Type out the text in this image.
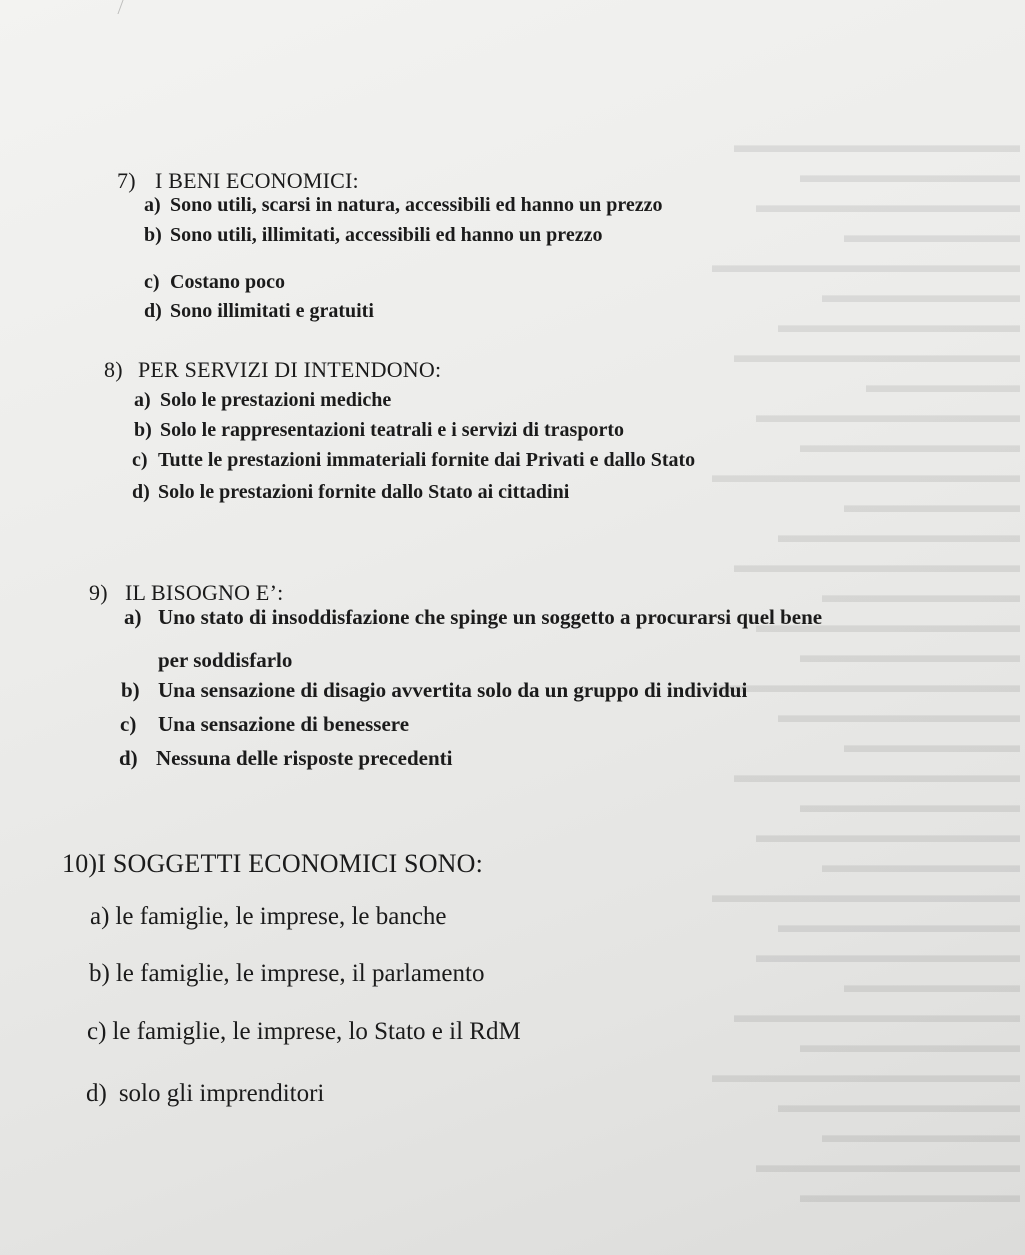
▬▬▬▬▬▬▬▬▬▬▬▬▬
▬▬▬▬▬▬▬▬▬▬
▬▬▬▬▬▬▬▬▬▬▬▬
▬▬▬▬▬▬▬▬
▬▬▬▬▬▬▬▬▬▬▬▬▬▬
▬▬▬▬▬▬▬▬▬
▬▬▬▬▬▬▬▬▬▬▬
▬▬▬▬▬▬▬▬▬▬▬▬▬
▬▬▬▬▬▬▬
▬▬▬▬▬▬▬▬▬▬▬▬
▬▬▬▬▬▬▬▬▬▬
▬▬▬▬▬▬▬▬▬▬▬▬▬▬
▬▬▬▬▬▬▬▬
▬▬▬▬▬▬▬▬▬▬▬
▬▬▬▬▬▬▬▬▬▬▬▬▬
▬▬▬▬▬▬▬▬▬
▬▬▬▬▬▬▬▬▬▬▬▬
▬▬▬▬▬▬▬▬▬▬
▬▬▬▬▬▬▬▬▬▬▬▬▬▬
▬▬▬▬▬▬▬▬▬▬▬
▬▬▬▬▬▬▬▬
▬▬▬▬▬▬▬▬▬▬▬▬▬
▬▬▬▬▬▬▬▬▬▬
▬▬▬▬▬▬▬▬▬▬▬▬
▬▬▬▬▬▬▬▬▬
▬▬▬▬▬▬▬▬▬▬▬▬▬▬
▬▬▬▬▬▬▬▬▬▬▬
▬▬▬▬▬▬▬▬▬▬▬▬
▬▬▬▬▬▬▬▬
▬▬▬▬▬▬▬▬▬▬▬▬▬
▬▬▬▬▬▬▬▬▬▬
▬▬▬▬▬▬▬▬▬▬▬▬▬▬
▬▬▬▬▬▬▬▬▬▬▬
▬▬▬▬▬▬▬▬▬
▬▬▬▬▬▬▬▬▬▬▬▬
▬▬▬▬▬▬▬▬▬▬
7) I BENI ECONOMICI:
a) Sono utili, scarsi in natura, accessibili ed hanno un prezzo
b) Sono utili, illimitati, accessibili ed hanno un prezzo
c) Costano poco
d) Sono illimitati e gratuiti
8) PER SERVIZI DI INTENDONO:
a) Solo le prestazioni mediche
b) Solo le rappresentazioni teatrali e i servizi di trasporto
c) Tutte le prestazioni immateriali fornite dai Privati e dallo Stato
d) Solo le prestazioni fornite dallo Stato ai cittadini
9) IL BISOGNO E’:
a) Uno stato di insoddisfazione che spinge un soggetto a procurarsi quel bene
per soddisfarlo
b) Una sensazione di disagio avvertita solo da un gruppo di individui
c) Una sensazione di benessere
d) Nessuna delle risposte precedenti
10)I SOGGETTI ECONOMICI SONO:
a) le famiglie, le imprese, le banche
b) le famiglie, le imprese, il parlamento
c) le famiglie, le imprese, lo Stato e il RdM
d) solo gli imprenditori
